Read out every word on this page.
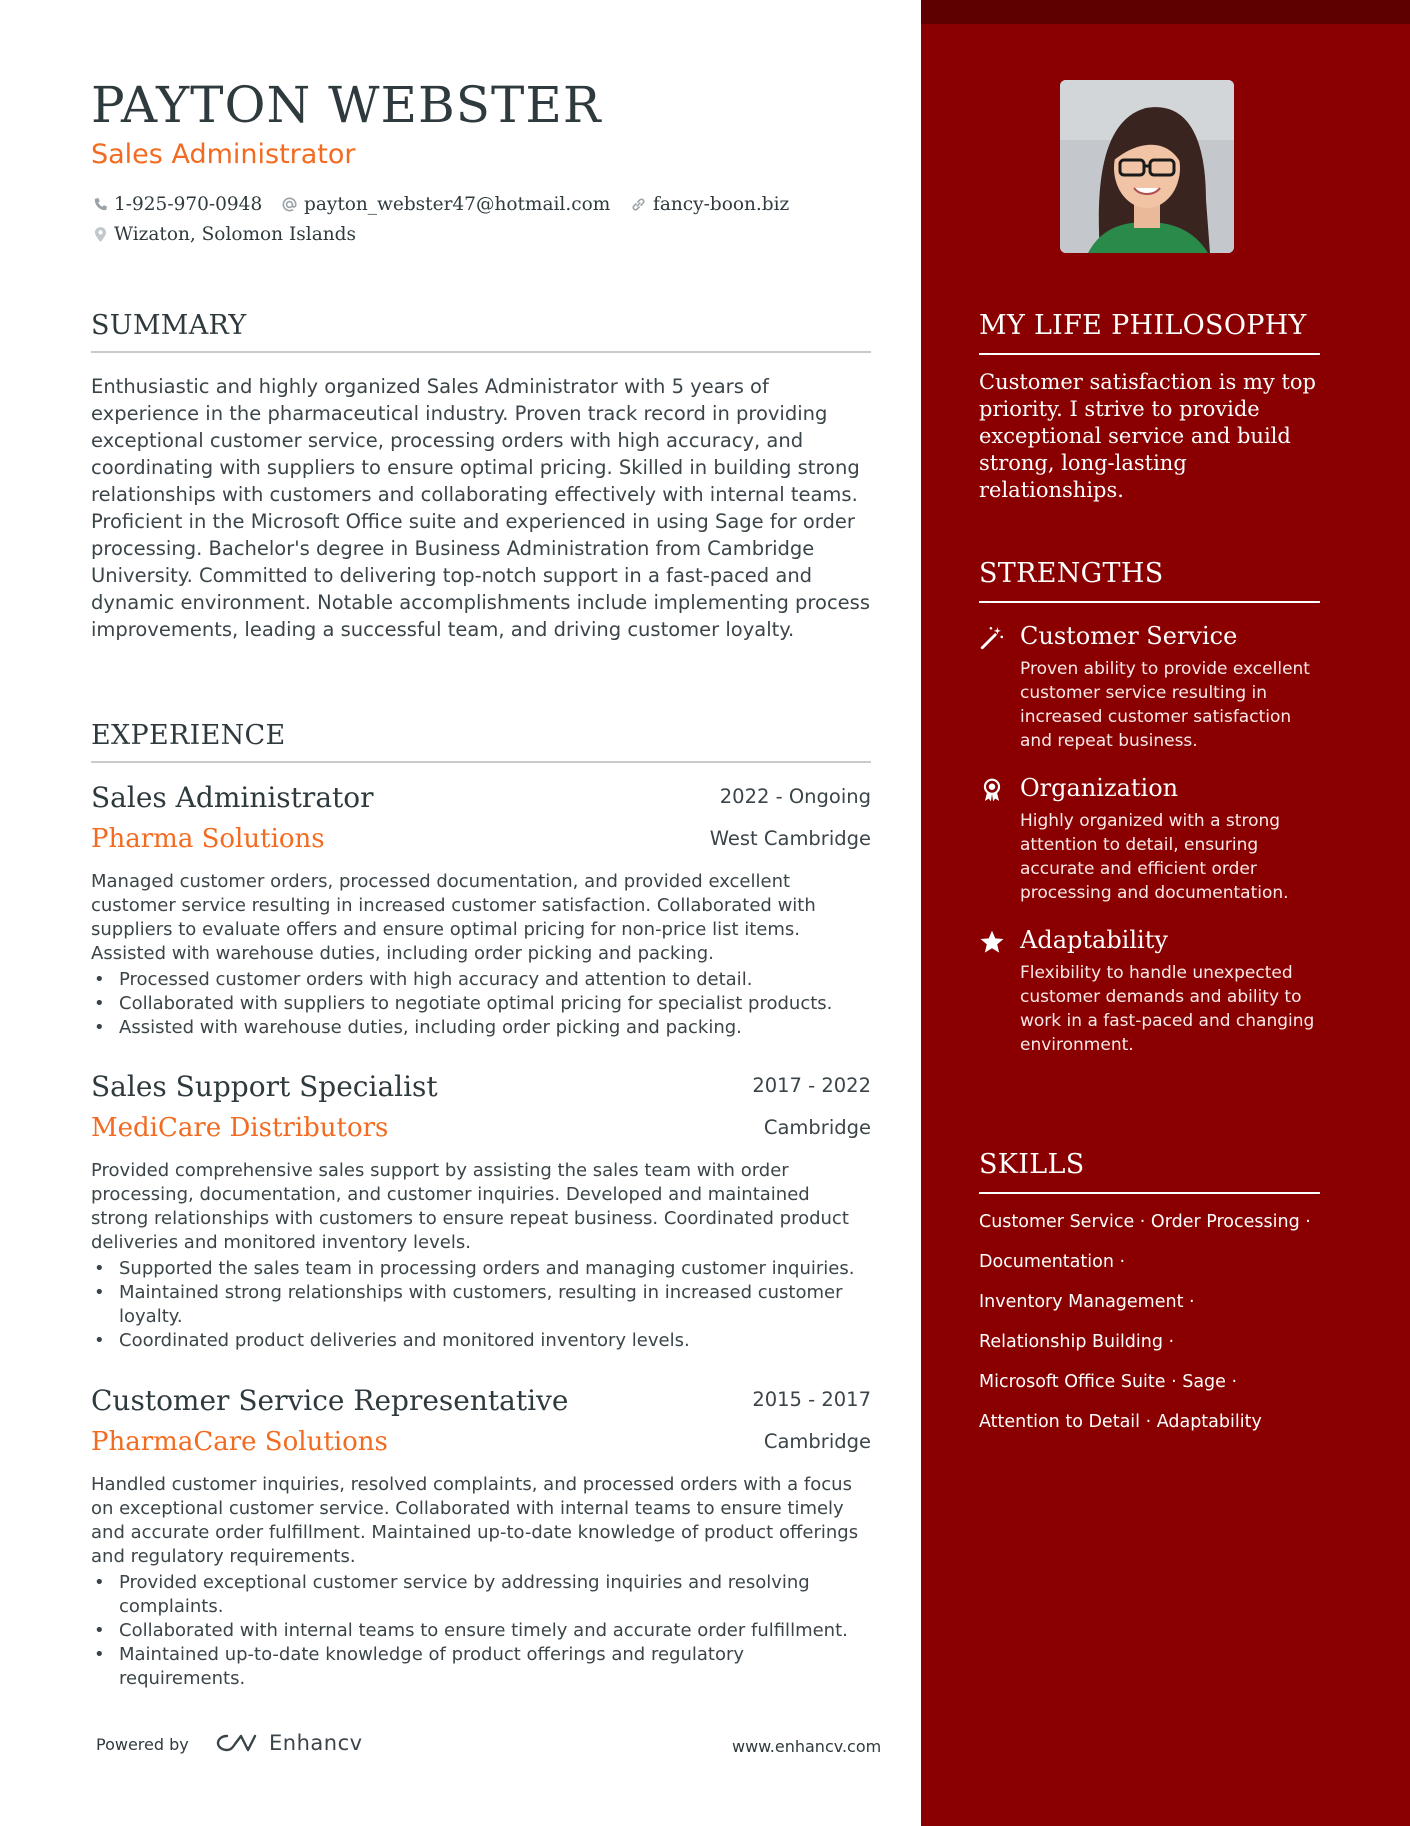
PAYTON WEBSTER
Sales Administrator
1-925-970-0948 payton_webster47@hotmail.com fancy-boon.biz
Wizaton, Solomon Islands
SUMMARY
Enthusiastic and highly organized Sales Administrator with 5 years of experience in the pharmaceutical industry. Proven track record in providing exceptional customer service, processing orders with high accuracy, and coordinating with suppliers to ensure optimal pricing. Skilled in building strong relationships with customers and collaborating effectively with internal teams. Proficient in the Microsoft Office suite and experienced in using Sage for order processing. Bachelor's degree in Business Administration from Cambridge University. Committed to delivering top-notch support in a fast-paced and dynamic environment. Notable accomplishments include implementing process improvements, leading a successful team, and driving customer loyalty.
EXPERIENCE
Sales Administrator	2022 - Ongoing
Pharma Solutions	West Cambridge
Managed customer orders, processed documentation, and provided excellent customer service resulting in increased customer satisfaction. Collaborated with suppliers to evaluate offers and ensure optimal pricing for non-price list items. Assisted with warehouse duties, including order picking and packing.
• Processed customer orders with high accuracy and attention to detail.
• Collaborated with suppliers to negotiate optimal pricing for specialist products.
• Assisted with warehouse duties, including order picking and packing.
Sales Support Specialist	2017 - 2022
MediCare Distributors	Cambridge
Provided comprehensive sales support by assisting the sales team with order processing, documentation, and customer inquiries. Developed and maintained strong relationships with customers to ensure repeat business. Coordinated product deliveries and monitored inventory levels.
• Supported the sales team in processing orders and managing customer inquiries.
• Maintained strong relationships with customers, resulting in increased customer loyalty.
• Coordinated product deliveries and monitored inventory levels.
Customer Service Representative	2015 - 2017
PharmaCare Solutions	Cambridge
Handled customer inquiries, resolved complaints, and processed orders with a focus on exceptional customer service. Collaborated with internal teams to ensure timely and accurate order fulfillment. Maintained up-to-date knowledge of product offerings and regulatory requirements.
• Provided exceptional customer service by addressing inquiries and resolving complaints.
• Collaborated with internal teams to ensure timely and accurate order fulfillment.
• Maintained up-to-date knowledge of product offerings and regulatory requirements.
Powered by	Enhancv	www.enhancv.com
MY LIFE PHILOSOPHY
Customer satisfaction is my top priority. I strive to provide exceptional service and build strong, long-lasting relationships.
STRENGTHS
Customer Service
Proven ability to provide excellent customer service resulting in increased customer satisfaction and repeat business.
Organization
Highly organized with a strong attention to detail, ensuring accurate and efficient order processing and documentation.
Adaptability
Flexibility to handle unexpected customer demands and ability to work in a fast-paced and changing environment.
SKILLS
Customer Service · Order Processing ·
Documentation ·
Inventory Management ·
Relationship Building ·
Microsoft Office Suite · Sage ·
Attention to Detail · Adaptability
